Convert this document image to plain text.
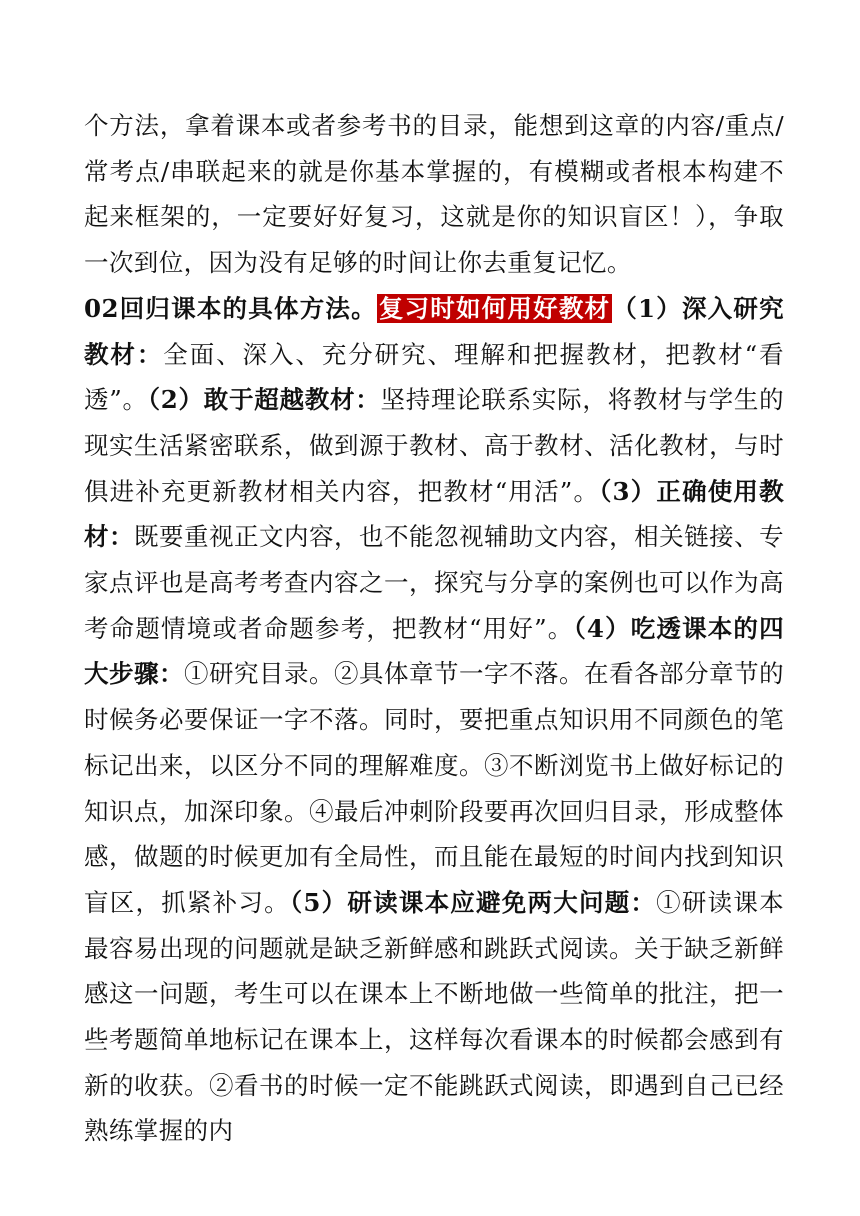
个方法，拿着课本或者参考书的目录，能想到这章的内容/重点/常考点/串联起来的就是你基本掌握的，有模糊或者根本构建不起来框架的，一定要好好复习，这就是你的知识盲区！），争取一次到位，因为没有足够的时间让你去重复记忆。

02回归课本的具体方法。复习时如何用好教材（1）深入研究教材：全面、深入、充分研究、理解和把握教材，把教材“看透”。（2）敢于超越教材：坚持理论联系实际，将教材与学生的现实生活紧密联系，做到源于教材、高于教材、活化教材，与时俱进补充更新教材相关内容，把教材“用活”。（3）正确使用教材：既要重视正文内容，也不能忽视辅助文内容，相关链接、专家点评也是高考考查内容之一，探究与分享的案例也可以作为高考命题情境或者命题参考，把教材“用好”。（4）吃透课本的四大步骤：①研究目录。②具体章节一字不落。在看各部分章节的时候务必要保证一字不落。同时，要把重点知识用不同颜色的笔标记出来，以区分不同的理解难度。③不断浏览书上做好标记的知识点，加深印象。④最后冲刺阶段要再次回归目录，形成整体感，做题的时候更加有全局性，而且能在最短的时间内找到知识盲区，抓紧补习。（5）研读课本应避免两大问题：①研读课本最容易出现的问题就是缺乏新鲜感和跳跃式阅读。关于缺乏新鲜感这一问题，考生可以在课本上不断地做一些简单的批注，把一些考题简单地标记在课本上，这样每次看课本的时候都会感到有新的收获。②看书的时候一定不能跳跃式阅读，即遇到自己已经熟练掌握的内
